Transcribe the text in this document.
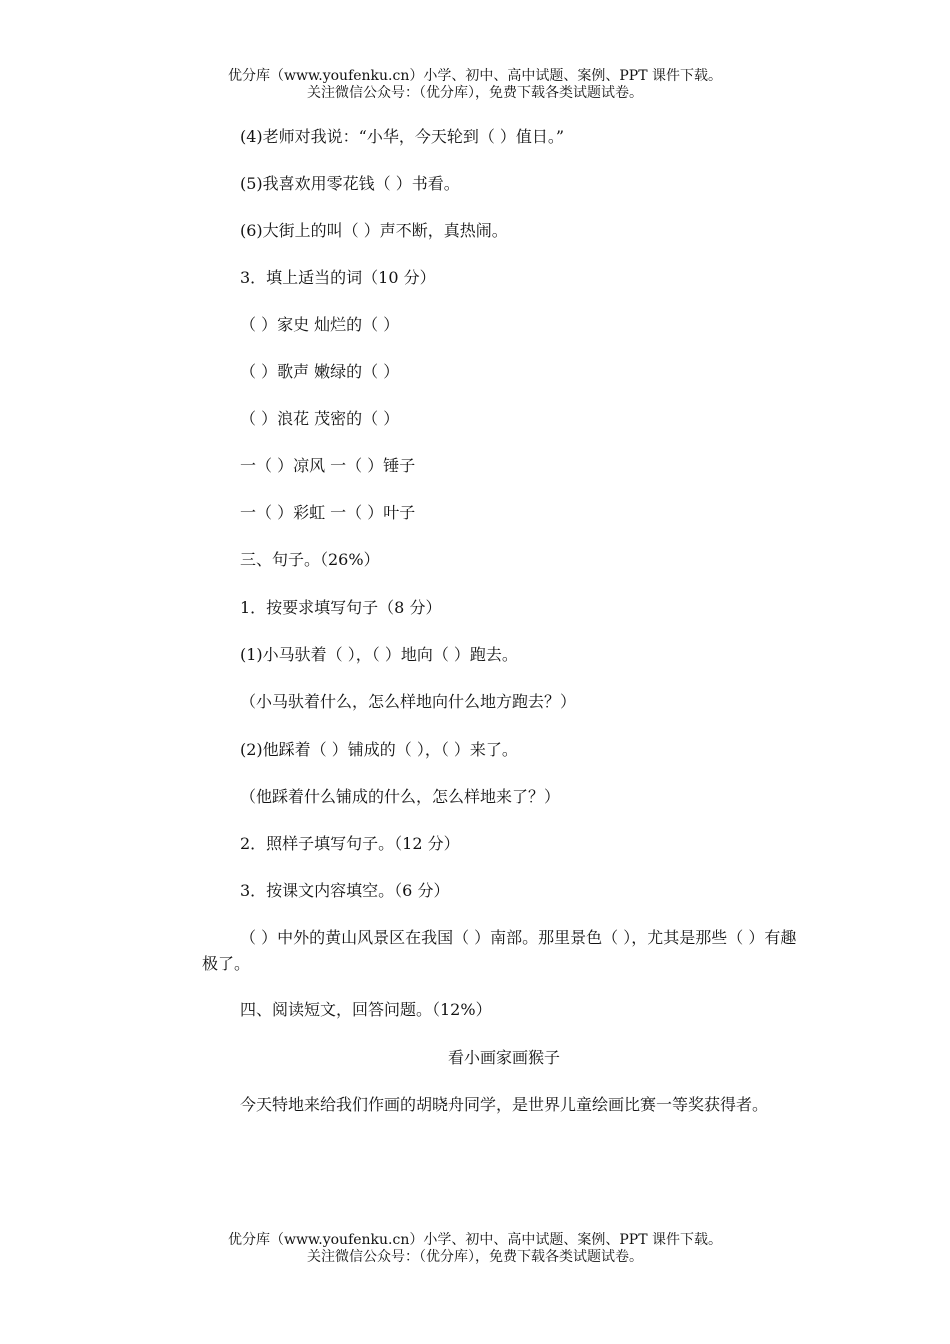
优分库（www.youfenku.cn）小学、初中、高中试题、案例、PPT 课件下载。
关注微信公众号：（优分库），免费下载各类试题试卷。
(4)老师对我说：“小华，今天轮到（ ）值日。”
(5)我喜欢用零花钱（ ）书看。
(6)大街上的叫（ ）声不断，真热闹。
3．填上适当的词（10 分）
（ ）家史 灿烂的（ ）
（ ）歌声 嫩绿的（ ）
（ ）浪花 茂密的（ ）
一（ ）凉风 一（ ）锤子
一（ ）彩虹 一（ ）叶子
三、句子。（26%）
1．按要求填写句子（8 分）
(1)小马驮着（ ），（ ）地向（ ）跑去。
（小马驮着什么，怎么样地向什么地方跑去？）
(2)他踩着（ ）铺成的（ ），（ ）来了。
（他踩着什么铺成的什么，怎么样地来了？）
2．照样子填写句子。（12 分）
3．按课文内容填空。（6 分）
（ ）中外的黄山风景区在我国（ ）南部。那里景色（ ），尤其是那些（ ）有趣极了。
四、阅读短文，回答问题。（12%）
看小画家画猴子
今天特地来给我们作画的胡晓舟同学，是世界儿童绘画比赛一等奖获得者。
优分库（www.youfenku.cn）小学、初中、高中试题、案例、PPT 课件下载。
关注微信公众号：（优分库），免费下载各类试题试卷。
